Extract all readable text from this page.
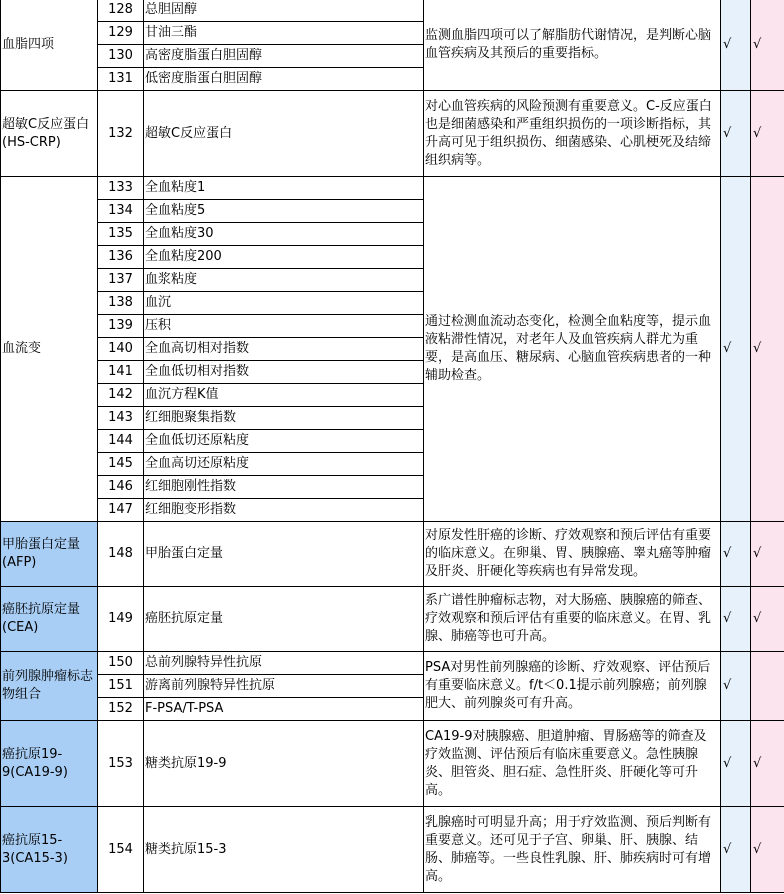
血脂四项	128	总胆固醇	监测血脂四项可以了解脂肪代谢情况，是判断心脑血管疾病及其预后的重要指标。	√	√
	129	甘油三酯			
	130	高密度脂蛋白胆固醇			
	131	低密度脂蛋白胆固醇			
超敏C反应蛋白(HS-CRP)	132	超敏C反应蛋白	对心血管疾病的风险预测有重要意义。C-反应蛋白也是细菌感染和严重组织损伤的一项诊断指标，其升高可见于组织损伤、细菌感染、心肌梗死及结缔组织病等。	√	√
血流变	133	全血粘度1	通过检测血流动态变化，检测全血粘度等，提示血液粘滞性情况，对老年人及血管疾病人群尤为重要，是高血压、糖尿病、心脑血管疾病患者的一种辅助检查。	√	√
	134	全血粘度5			
	135	全血粘度30			
	136	全血粘度200			
	137	血浆粘度			
	138	血沉			
	139	压积			
	140	全血高切相对指数			
	141	全血低切相对指数			
	142	血沉方程K值			
	143	红细胞聚集指数			
	144	全血低切还原粘度			
	145	全血高切还原粘度			
	146	红细胞刚性指数			
	147	红细胞变形指数			
甲胎蛋白定量(AFP)	148	甲胎蛋白定量	对原发性肝癌的诊断、疗效观察和预后评估有重要的临床意义。在卵巢、胃、胰腺癌、睾丸癌等肿瘤及肝炎、肝硬化等疾病也有异常发现。	√	√
癌胚抗原定量(CEA)	149	癌胚抗原定量	系广谱性肿瘤标志物，对大肠癌、胰腺癌的筛查、疗效观察和预后评估有重要的临床意义。在胃、乳腺、肺癌等也可升高。	√	√
前列腺肿瘤标志物组合	150	总前列腺特异性抗原	PSA对男性前列腺癌的诊断、疗效观察、评估预后有重要临床意义。f/t＜0.1提示前列腺癌；前列腺肥大、前列腺炎可有升高。	√	
	151	游离前列腺特异性抗原			
	152	F-PSA/T-PSA			
癌抗原19-9(CA19-9)	153	糖类抗原19-9	CA19-9对胰腺癌、胆道肿瘤、胃肠癌等的筛查及疗效监测、评估预后有临床重要意义。急性胰腺炎、胆管炎、胆石症、急性肝炎、肝硬化等可升高。	√	√
癌抗原15-3(CA15-3)	154	糖类抗原15-3	乳腺癌时可明显升高；用于疗效监测、预后判断有重要意义。还可见于子宫、卵巢、肝、胰腺、结肠、肺癌等。一些良性乳腺、肝、肺疾病时可有增高。	√	√
